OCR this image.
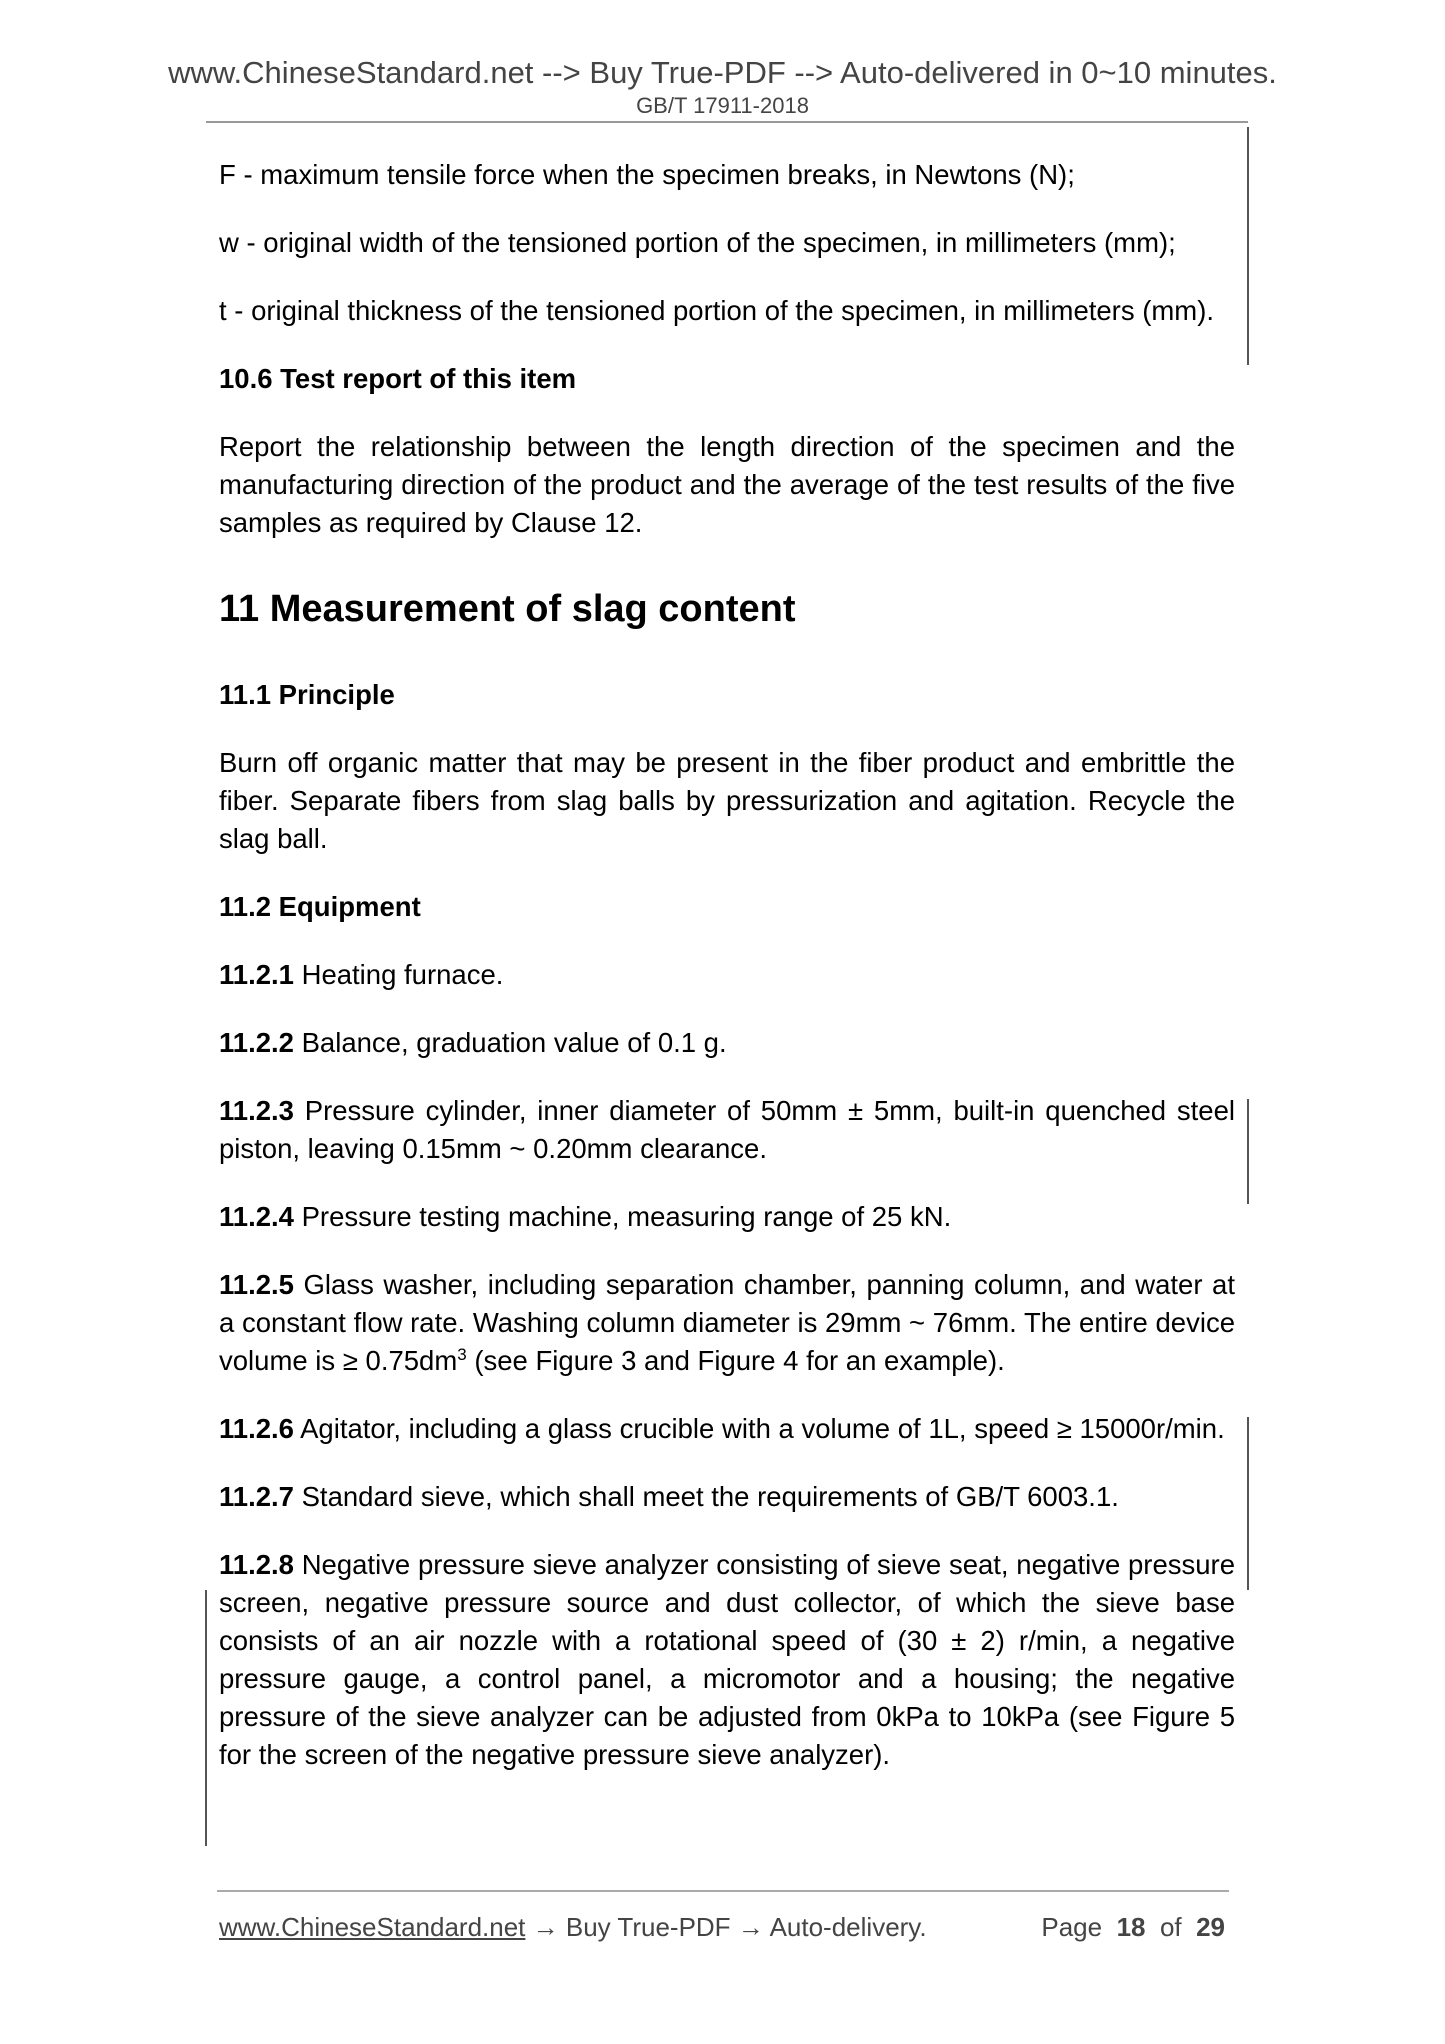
www.ChineseStandard.net --> Buy True-PDF --> Auto-delivered in 0~10 minutes.
GB/T 17911-2018

F - maximum tensile force when the specimen breaks, in Newtons (N);

w - original width of the tensioned portion of the specimen, in millimeters (mm);

t - original thickness of the tensioned portion of the specimen, in millimeters (mm).

10.6 Test report of this item

Report the relationship between the length direction of the specimen and the manufacturing direction of the product and the average of the test results of the five samples as required by Clause 12.

11 Measurement of slag content
11.1 Principle

Burn off organic matter that may be present in the fiber product and embrittle the fiber. Separate fibers from slag balls by pressurization and agitation. Recycle the slag ball.

11.2 Equipment

11.2.1 Heating furnace.

11.2.2 Balance, graduation value of 0.1 g.

11.2.3 Pressure cylinder, inner diameter of 50mm ± 5mm, built-in quenched steel piston, leaving 0.15mm ~ 0.20mm clearance.

11.2.4 Pressure testing machine, measuring range of 25 kN.

11.2.5 Glass washer, including separation chamber, panning column, and water at a constant flow rate. Washing column diameter is 29mm ~ 76mm. The entire device volume is ≥ $0.75dm^3$ (see Figure 3 and Figure 4 for an example).

11.2.6 Agitator, including a glass crucible with a volume of 1L, speed ≥ 15000r/min.

11.2.7 Standard sieve, which shall meet the requirements of GB/T 6003.1.

11.2.8 Negative pressure sieve analyzer consisting of sieve seat, negative pressure screen, negative pressure source and dust collector, of which the sieve base consists of an air nozzle with a rotational speed of (30 ± 2) r/min, a negative pressure gauge, a control panel, a micromotor and a housing; the negative pressure of the sieve analyzer can be adjusted from 0kPa to 10kPa (see Figure 5 for the screen of the negative pressure sieve analyzer).

www.ChineseStandard.net → Buy True-PDF → Auto-delivery.	Page 18 of 29
